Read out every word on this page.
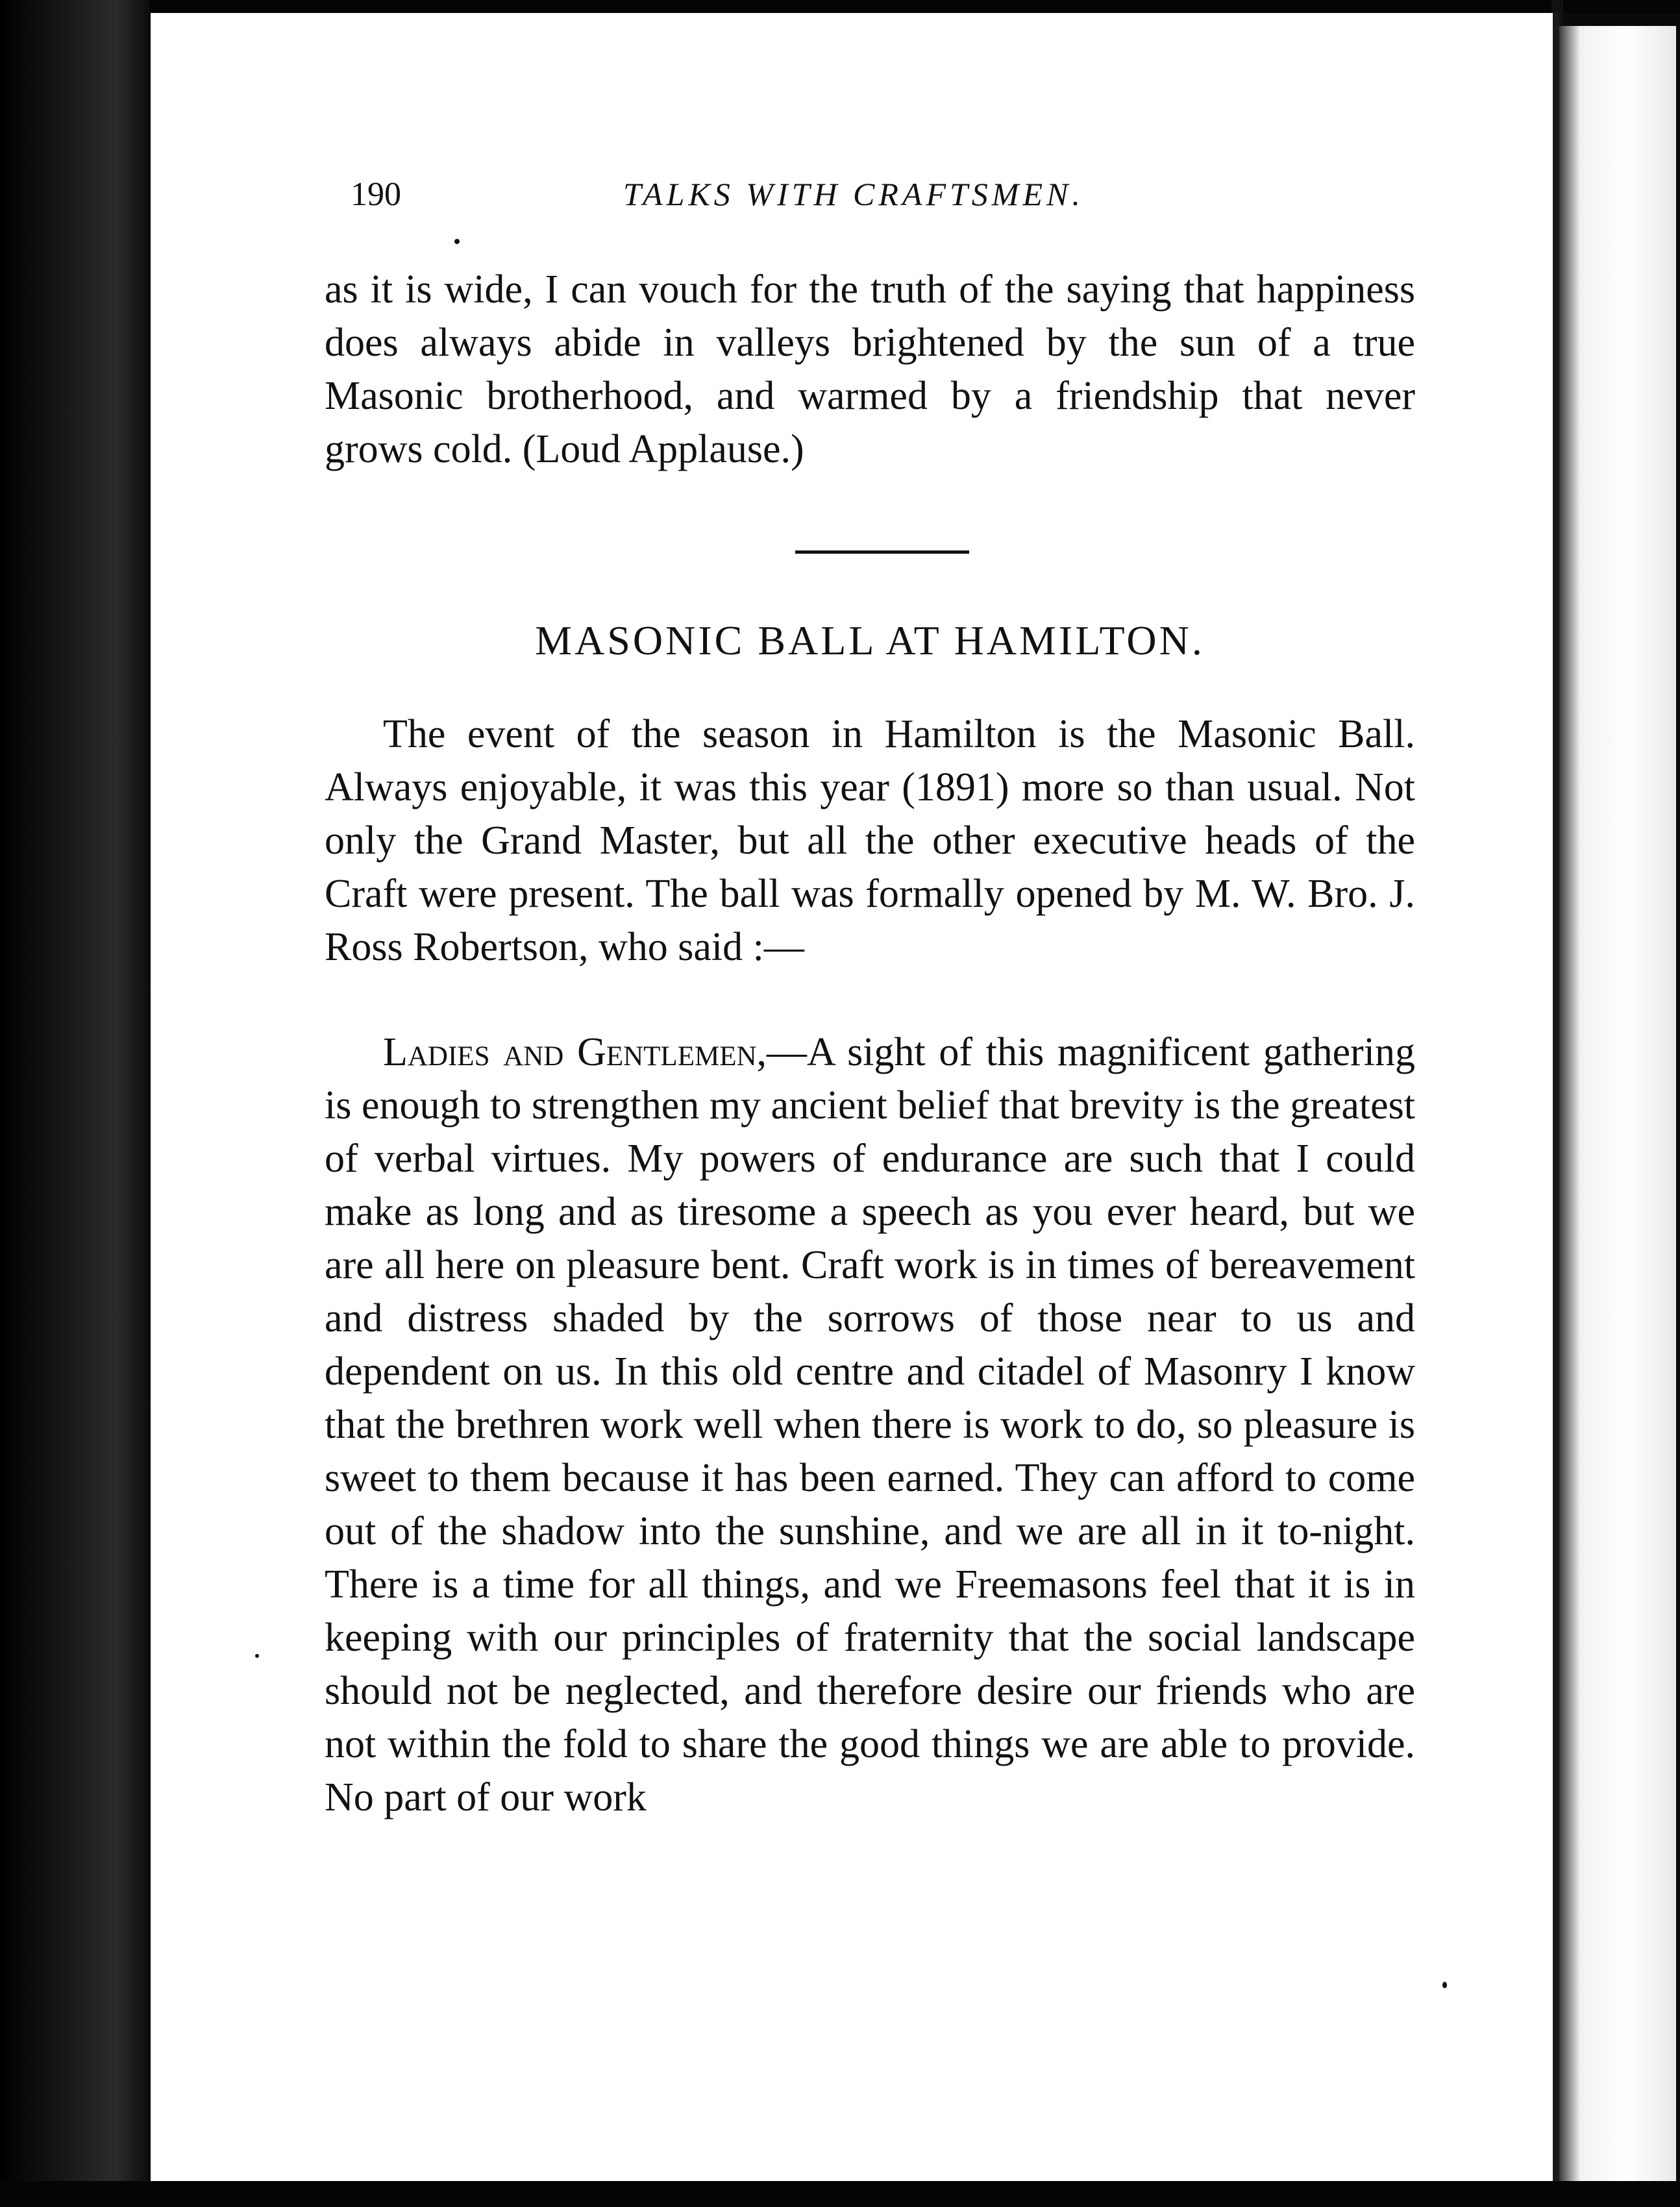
190	TALKS WITH CRAFTSMEN.

as it is wide, I can vouch for the truth of the saying that happiness does always abide in valleys brightened by the sun of a true Masonic brotherhood, and warmed by a friendship that never grows cold. (Loud Applause.)

MASONIC BALL AT HAMILTON.

The event of the season in Hamilton is the Masonic Ball. Always enjoyable, it was this year (1891) more so than usual. Not only the Grand Master, but all the other executive heads of the Craft were present. The ball was formally opened by M. W. Bro. J. Ross Robertson, who said :—

Ladies and Gentlemen,—A sight of this magnificent gathering is enough to strengthen my ancient belief that brevity is the greatest of verbal virtues. My powers of endurance are such that I could make as long and as tiresome a speech as you ever heard, but we are all here on pleasure bent. Craft work is in times of bereavement and distress shaded by the sorrows of those near to us and dependent on us. In this old centre and citadel of Masonry I know that the brethren work well when there is work to do, so pleasure is sweet to them because it has been earned. They can afford to come out of the shadow into the sunshine, and we are all in it to-night. There is a time for all things, and we Freemasons feel that it is in keeping with our principles of fraternity that the social landscape should not be neglected, and therefore desire our friends who are not within the fold to share the good things we are able to provide. No part of our work
